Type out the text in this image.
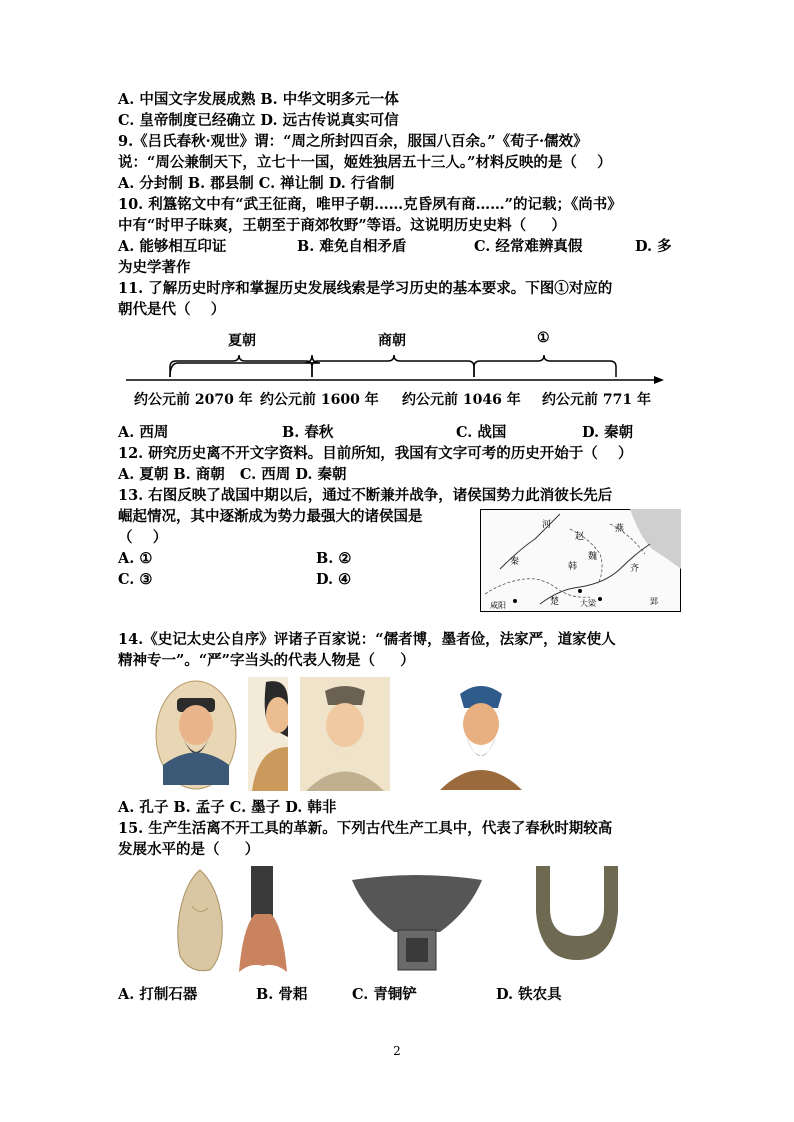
A. 中国文字发展成熟 B. 中华文明多元一体
C. 皇帝制度已经确立 D. 远古传说真实可信
9.《吕氏春秋·观世》谓：“周之所封四百余，服国八百余。”《荀子·儒效》
说：“周公兼制天下，立七十一国，姬姓独居五十三人。”材料反映的是（    ）
A. 分封制 B. 郡县制 C. 禅让制 D. 行省制
10. 利簋铭文中有“武王征商，唯甲子朝……克昏夙有商……”的记载；《尚书》
中有“时甲子昧爽，王朝至于商郊牧野”等语。这说明历史史料（     ）
A. 能够相互印证	B. 难免自相矛盾	C. 经常难辨真假	D. 多
为史学著作
11. 了解历史时序和掌握历史发展线索是学习历史的基本要求。下图①对应的
朝代是代（    ）
夏朝	商朝	①
约公元前 2070 年 约公元前 1600 年 约公元前 1046 年 约公元前 771 年
A. 西周	B. 春秋	C. 战国	D. 秦朝
12. 研究历史离不开文字资料。目前所知，我国有文字可考的历史开始于（    ）
A. 夏朝 B. 商朝   C. 西周 D. 秦朝
13. 右图反映了战国中期以后，通过不断兼并战争，诸侯国势力此消彼长先后
崛起情况，其中逐渐成为势力最强大的诸侯国是
（    ）
A. ①	B. ②
C. ③	D. ④
河
秦
楚
韩
魏
赵
齐
燕
咸阳	大梁	郢
14.《史记太史公自序》评诸子百家说：“儒者博，墨者俭，法家严，道家使人
精神专一”。“严”字当头的代表人物是（     ）
A. 孔子 B. 孟子 C. 墨子 D. 韩非
15. 生产生活离不开工具的革新。下列古代生产工具中，代表了春秋时期较高
发展水平的是（     ）
A. 打制石器	B. 骨耜	C. 青铜铲	D. 铁农具
2
